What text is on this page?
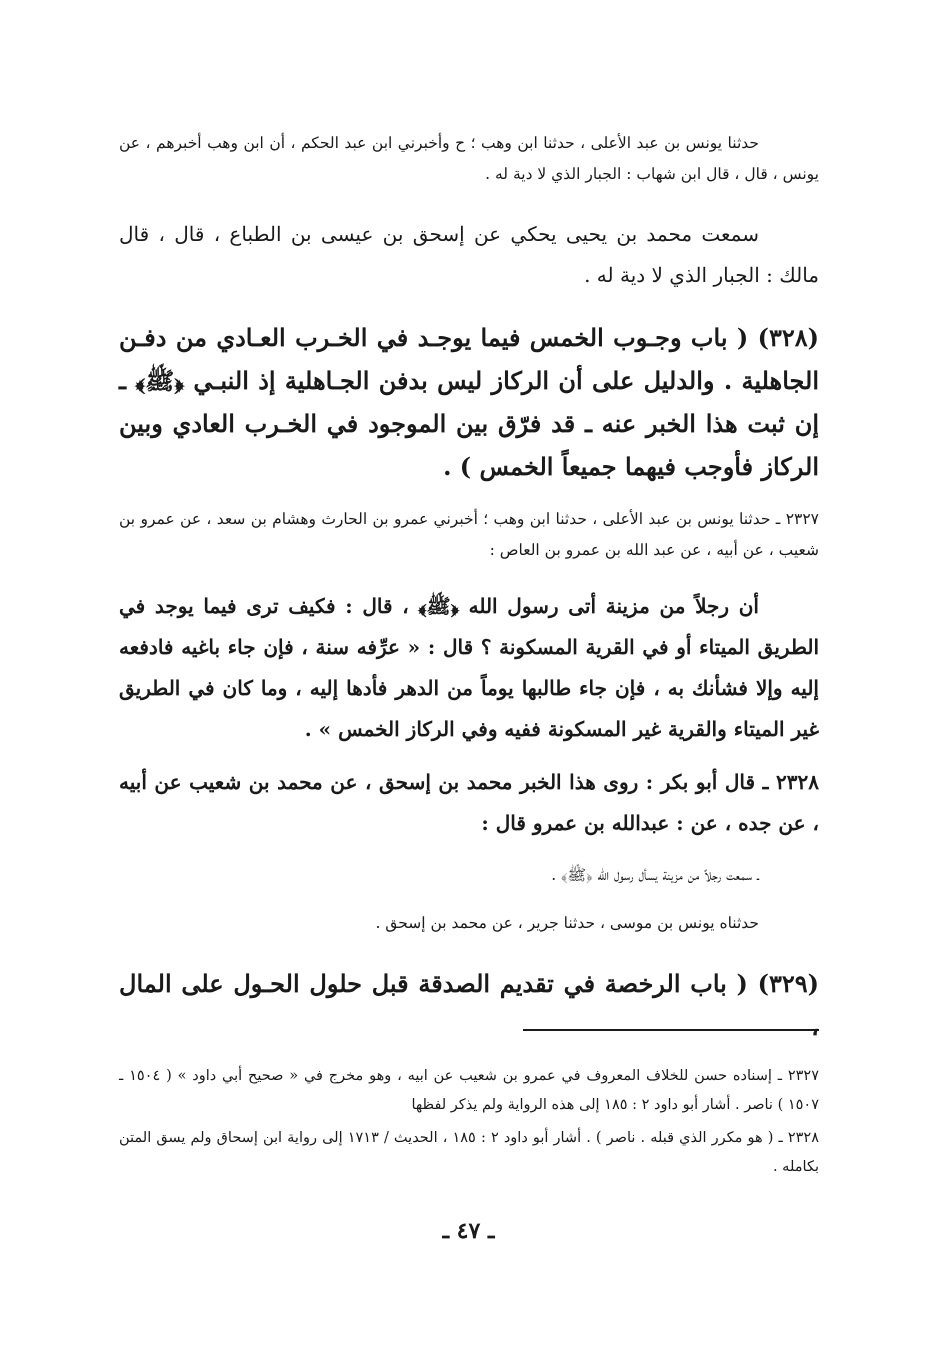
حدثنا يونس بن عبد الأعلى ، حدثنا ابن وهب ؛ ح وأخبرني ابن عبد الحكم ، أن ابن وهب أخبرهم ، عن يونس ، قال ، قال ابن شهاب : الجبار الذي لا دية له .

سمعت محمد بن يحيى يحكي عن إسحق بن عيسى بن الطباع ، قال ، قال مالك : الجبار الذي لا دية له .

(٣٢٨) ( باب وجـوب الخمس فيما يوجـد في الخـرب العـادي من دفـن الجاهلية . والدليل على أن الركاز ليس بدفن الجـاهلية إذ النبـي ﴿ﷺ﴾ ـ إن ثبت هذا الخبر عنه ـ قد فرّق بين الموجود في الخـرب العادي وبين الركاز فأوجب فيهما جميعاً الخمس ) .

٢٣٢٧ ـ حدثنا يونس بن عبد الأعلى ، حدثنا ابن وهب ؛ أخبرني عمرو بن الحارث وهشام بن سعد ، عن عمرو بن شعيب ، عن أبيه ، عن عبد الله بن عمرو بن العاص :

أن رجلاً من مزينة أتى رسول الله ﴿ﷺ﴾ ، قال : فكيف ترى فيما يوجد في الطريق الميتاء أو في القرية المسكونة ؟ قال : « عرِّفه سنة ، فإن جاء باغيه فادفعه إليه وإلا فشأنك به ، فإن جاء طالبها يوماً من الدهر فأدها إليه ، وما كان في الطريق غير الميتاء والقرية غير المسكونة ففيه وفي الركاز الخمس » .

٢٣٢٨ ـ قال أبو بكر : روى هذا الخبر محمد بن إسحق ، عن محمد بن شعيب عن أبيه ، عن جده ، عن : عبدالله بن عمرو قال :

ـ سمعت رجلاً من مزينة يسأل رسول الله ﴿ﷺ﴾ .

حدثناه يونس بن موسى ، حدثنا جرير ، عن محمد بن إسحق .

(٣٢٩) ( باب الرخصة في تقديم الصدقة قبل حلول الحـول على المال ،

٢٣٢٧ ـ إسناده حسن للخلاف المعروف في عمرو بن شعيب عن ابيه ، وهو مخرج في « صحيح أبي داود » ( ١٥٠٤ ـ ١٥٠٧ ) ناصر . أشار أبو داود ٢ : ١٨٥ إلى هذه الرواية ولم يذكر لفظها

٢٣٢٨ ـ ( هو مكرر الذي قبله . ناصر ) . أشار أبو داود ٢ : ١٨٥ ، الحديث / ١٧١٣ إلى رواية ابن إسحاق ولم يسق المتن بكامله .

ـ ٤٧ ـ
